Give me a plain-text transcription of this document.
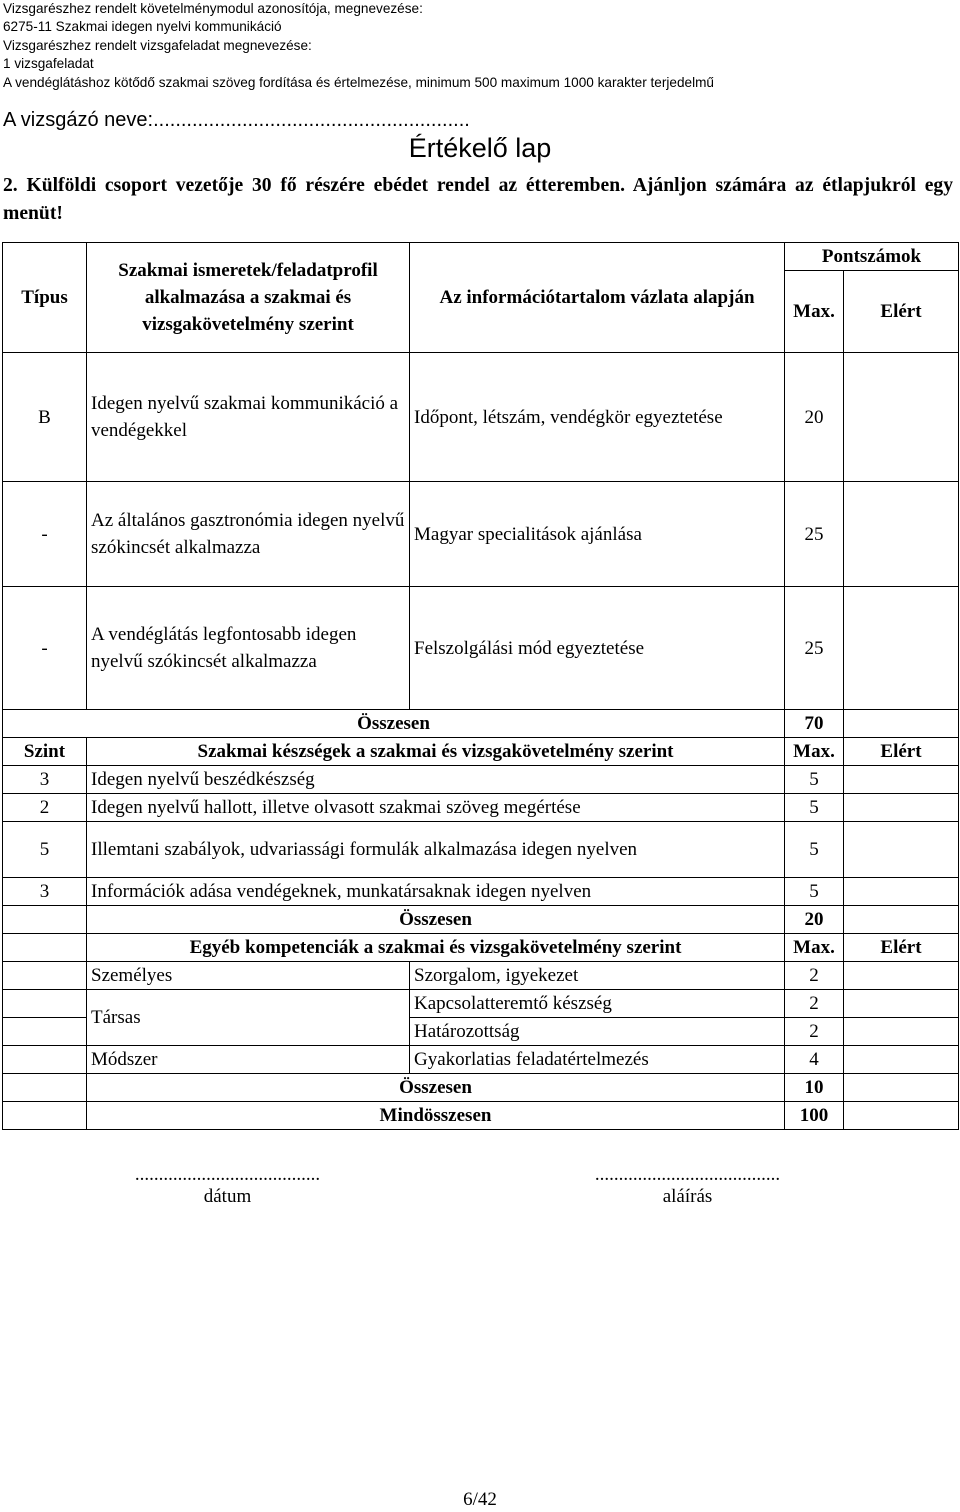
Vizsgarészhez rendelt követelménymodul azonosítója, megnevezése:
6275-11 Szakmai idegen nyelvi kommunikáció
Vizsgarészhez rendelt vizsgafeladat megnevezése:
1 vizsgafeladat
A vendéglátáshoz kötődő szakmai szöveg fordítása és értelmezése, minimum 500 maximum 1000 karakter terjedelmű
A vizsgázó neve:.........................................................
Értékelő lap
2. Külföldi csoport vezetője 30 fő részére ebédet rendel az étteremben. Ajánljon számára az étlapjukról egy menüt!
Típus	Szakmai ismeretek/feladatprofil alkalmazása a szakmai és vizsgakövetelmény szerint	Az információtartalom vázlata alapján	Pontszámok	
			Max.	Elért
B	Idegen nyelvű szakmai kommunikáció a vendégekkel	Időpont, létszám, vendégkör egyeztetése	20	
-	Az általános gasztronómia idegen nyelvű szókincsét alkalmazza	Magyar specialitások ajánlása	25	
-	A vendéglátás legfontosabb idegen nyelvű szókincsét alkalmazza	Felszolgálási mód egyeztetése	25	
Összesen			70	
Szint	Szakmai készségek a szakmai és vizsgakövetelmény szerint		Max.	Elért
3	Idegen nyelvű beszédkészség		5	
2	Idegen nyelvű hallott, illetve olvasott szakmai szöveg megértése		5	
5	Illemtani szabályok, udvariassági formulák alkalmazása idegen nyelven		5	
3	Információk adása vendégeknek, munkatársaknak idegen nyelven		5	
	Összesen		20	
	Egyéb kompetenciák a szakmai és vizsgakövetelmény szerint		Max.	Elért
	Személyes	Szorgalom, igyekezet	2	
	Társas	Kapcsolatteremtő készség	2	
		Határozottság	2	
	Módszer	Gyakorlatias feladatértelmezés	4	
	Összesen		10	
	Mindösszesen		100	
.......................................
dátum
.......................................
aláírás
6/42
